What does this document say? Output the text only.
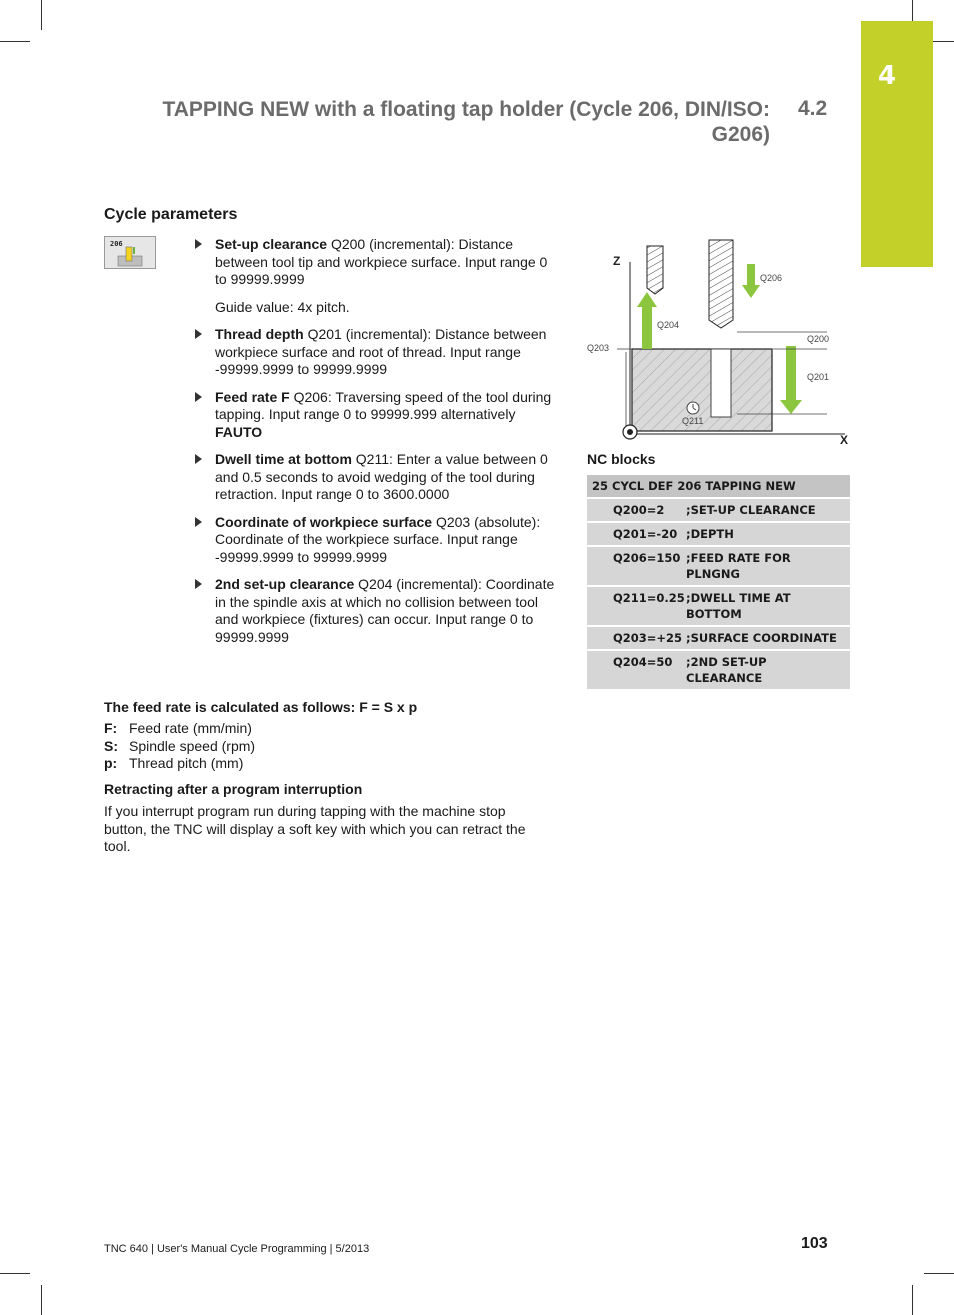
4
TAPPING NEW with a floating tap holder (Cycle 206, DIN/ISO: G206)
4.2
Cycle parameters
206	Set-up clearance Q200 (incremental): Distance between tool tip and workpiece surface. Input range 0 to 99999.9999
Guide value: 4x pitch.
Thread depth Q201 (incremental): Distance between workpiece surface and root of thread. Input range -99999.9999 to 99999.9999
Feed rate F Q206: Traversing speed of the tool during tapping. Input range 0 to 99999.999 alternatively FAUTO
Dwell time at bottom Q211: Enter a value between 0 and 0.5 seconds to avoid wedging of the tool during retraction. Input range 0 to 3600.0000
Coordinate of workpiece surface Q203 (absolute): Coordinate of the workpiece surface. Input range -99999.9999 to 99999.9999
2nd set-up clearance Q204 (incremental): Coordinate in the spindle axis at which no collision between tool and workpiece (fixtures) can occur. Input range 0 to 99999.9999
Z
X
Q206
Q204
Q200
Q203
Q201
Q211
NC blocks
25 CYCL DEF 206 TAPPING NEW	
Q200=2	;SET-UP CLEARANCE
Q201=-20	;DEPTH
Q206=150	;FEED RATE FOR PLNGNG
Q211=0.25	;DWELL TIME AT BOTTOM
Q203=+25	;SURFACE COORDINATE
Q204=50	;2ND SET-UP CLEARANCE
The feed rate is calculated as follows: F = S x p
F: Feed rate (mm/min)
S: Spindle speed (rpm)
p: Thread pitch (mm)
Retracting after a program interruption
If you interrupt program run during tapping with the machine stop button, the TNC will display a soft key with which you can retract the tool.
TNC 640 | User's Manual Cycle Programming | 5/2013	103
